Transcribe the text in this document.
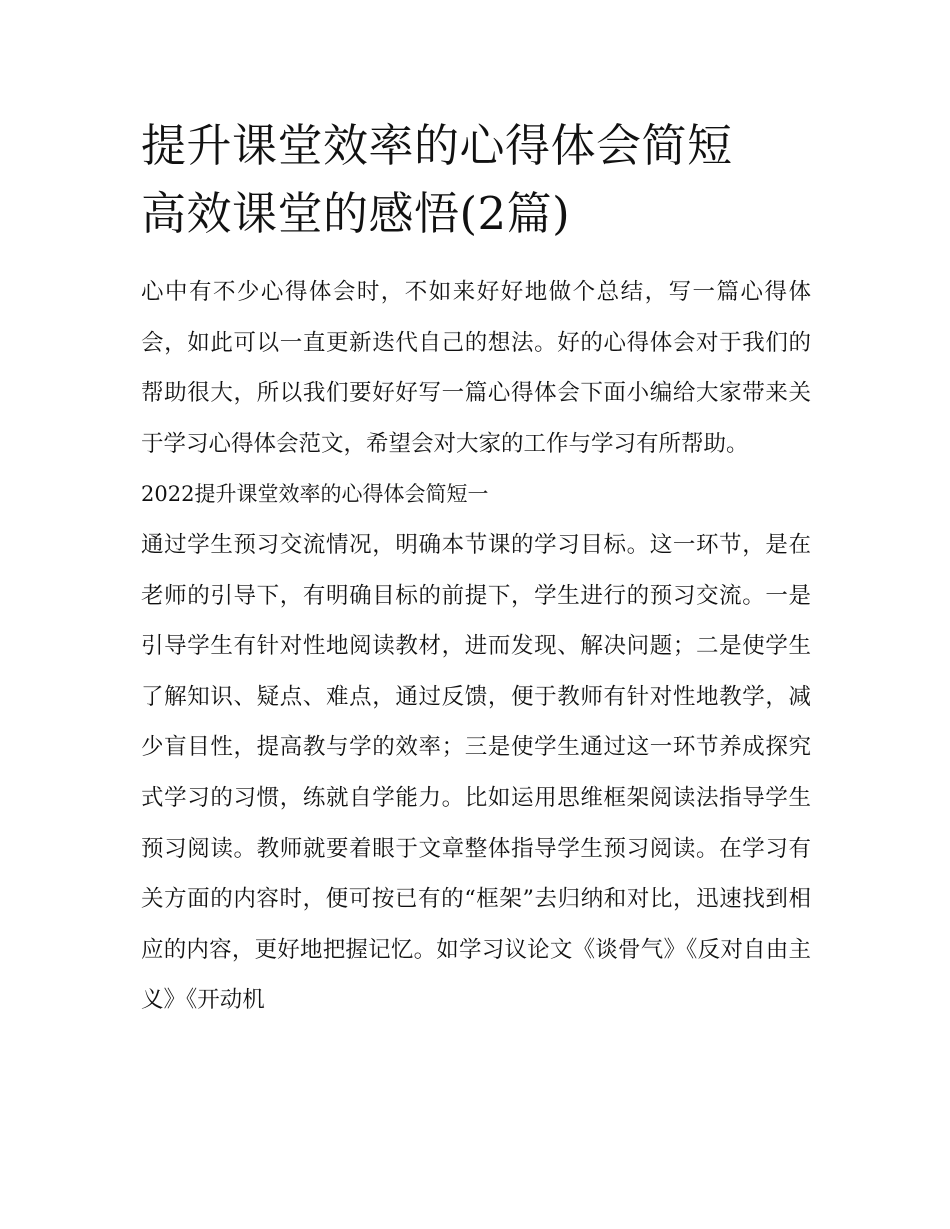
提升课堂效率的心得体会简短
高效课堂的感悟(2篇)

心中有不少心得体会时，不如来好好地做个总结，写一篇心得体会，如此可以一直更新迭代自己的想法。好的心得体会对于我们的帮助很大，所以我们要好好写一篇心得体会下面小编给大家带来关于学习心得体会范文，希望会对大家的工作与学习有所帮助。

2022提升课堂效率的心得体会简短一

通过学生预习交流情况，明确本节课的学习目标。这一环节，是在老师的引导下，有明确目标的前提下，学生进行的预习交流。一是引导学生有针对性地阅读教材，进而发现、解决问题；二是使学生了解知识、疑点、难点，通过反馈，便于教师有针对性地教学，减少盲目性，提高教与学的效率；三是使学生通过这一环节养成探究式学习的习惯，练就自学能力。比如运用思维框架阅读法指导学生预习阅读。教师就要着眼于文章整体指导学生预习阅读。在学习有关方面的内容时，便可按已有的“框架”去归纳和对比，迅速找到相应的内容，更好地把握记忆。如学习议论文《谈骨气》《反对自由主义》《开动机
